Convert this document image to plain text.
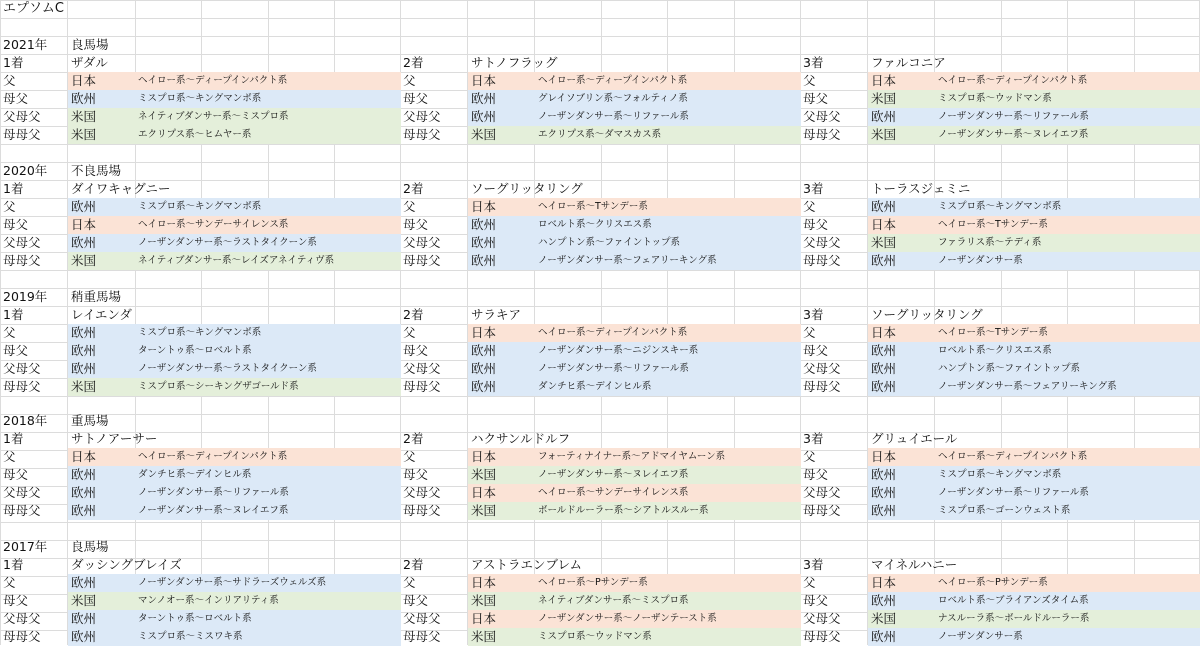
エプソムC
2021年 良馬場
1着	ザダル
父	日本	ヘイロー系～ディープインパクト系
母父	欧州	ミスプロ系～キングマンボ系
父母父 米国	ネイティブダンサー系～ミスプロ系
母母父 米国	エクリプス系～ヒムヤー系
2着	サトノフラッグ
父	日本	ヘイロー系～ディープインパクト系
母父	欧州	グレイソブリン系～フォルティノ系
父母父 欧州	ノーザンダンサー系～リファール系
母母父 米国	エクリプス系～ダマスカス系
3着	ファルコニア
父	日本	ヘイロー系～ディープインパクト系
母父	米国	ミスプロ系～ウッドマン系
父母父 欧州	ノーザンダンサー系～リファール系
母母父 米国	ノーザンダンサー系～ヌレイエフ系
2020年 不良馬場
1着	ダイワキャグニー
父	欧州	ミスプロ系～キングマンボ系
母父	日本	ヘイロー系～サンデーサイレンス系
父母父 欧州	ノーザンダンサー系～ラストタイクーン系
母母父 米国	ネイティブダンサー系～レイズアネイティヴ系
2着	ソーグリッタリング
父	日本	ヘイロー系～Tサンデー系
母父	欧州	ロベルト系～クリスエス系
父母父 欧州	ハンプトン系～ファイントップ系
母母父 欧州	ノーザンダンサー系～フェアリーキング系
3着	トーラスジェミニ
父	欧州	ミスプロ系～キングマンボ系
母父	日本	ヘイロー系～Tサンデー系
父母父 米国	ファラリス系～テディ系
母母父 欧州	ノーザンダンサー系
2019年 稍重馬場
1着	レイエンダ
父	欧州	ミスプロ系～キングマンボ系
母父	欧州	ターントゥ系～ロベルト系
父母父 欧州	ノーザンダンサー系～ラストタイクーン系
母母父 米国	ミスプロ系～シーキングザゴールド系
2着	サラキア
父	日本	ヘイロー系～ディープインパクト系
母父	欧州	ノーザンダンサー系～ニジンスキー系
父母父 欧州	ノーザンダンサー系～リファール系
母母父 欧州	ダンチヒ系～デインヒル系
3着	ソーグリッタリング
父	日本	ヘイロー系～Tサンデー系
母父	欧州	ロベルト系～クリスエス系
父母父 欧州	ハンプトン系～ファイントップ系
母母父 欧州	ノーザンダンサー系～フェアリーキング系
2018年 重馬場
1着	サトノアーサー
父	日本	ヘイロー系～ディープインパクト系
母父	欧州	ダンチヒ系～デインヒル系
父母父 欧州	ノーザンダンサー系～リファール系
母母父 欧州	ノーザンダンサー系～ヌレイエフ系
2着	ハクサンルドルフ
父	日本	フォーティナイナー系～アドマイヤムーン系
母父	米国	ノーザンダンサー系～ヌレイエフ系
父母父 日本	ヘイロー系～サンデーサイレンス系
母母父 米国	ボールドルーラー系～シアトルスルー系
3着	グリュイエール
父	日本	ヘイロー系～ディープインパクト系
母父	欧州	ミスプロ系～キングマンボ系
父母父 欧州	ノーザンダンサー系～リファール系
母母父 欧州	ミスプロ系～ゴーンウェスト系
2017年 良馬場
1着	ダッシングブレイズ
父	欧州	ノーザンダンサー系～サドラーズウェルズ系
母父	米国	マンノオー系～インリアリティ系
父母父 欧州	ターントゥ系～ロベルト系
母母父 欧州	ミスプロ系～ミスワキ系
2着	アストラエンブレム
父	日本	ヘイロー系～Pサンデー系
母父	米国	ネイティブダンサー系～ミスプロ系
父母父 日本	ノーザンダンサー系～ノーザンテースト系
母母父 米国	ミスプロ系～ウッドマン系
3着	マイネルハニー
父	日本	ヘイロー系～Pサンデー系
母父	欧州	ロベルト系～ブライアンズタイム系
父母父 米国	ナスルーラ系～ボールドルーラー系
母母父 欧州	ノーザンダンサー系
